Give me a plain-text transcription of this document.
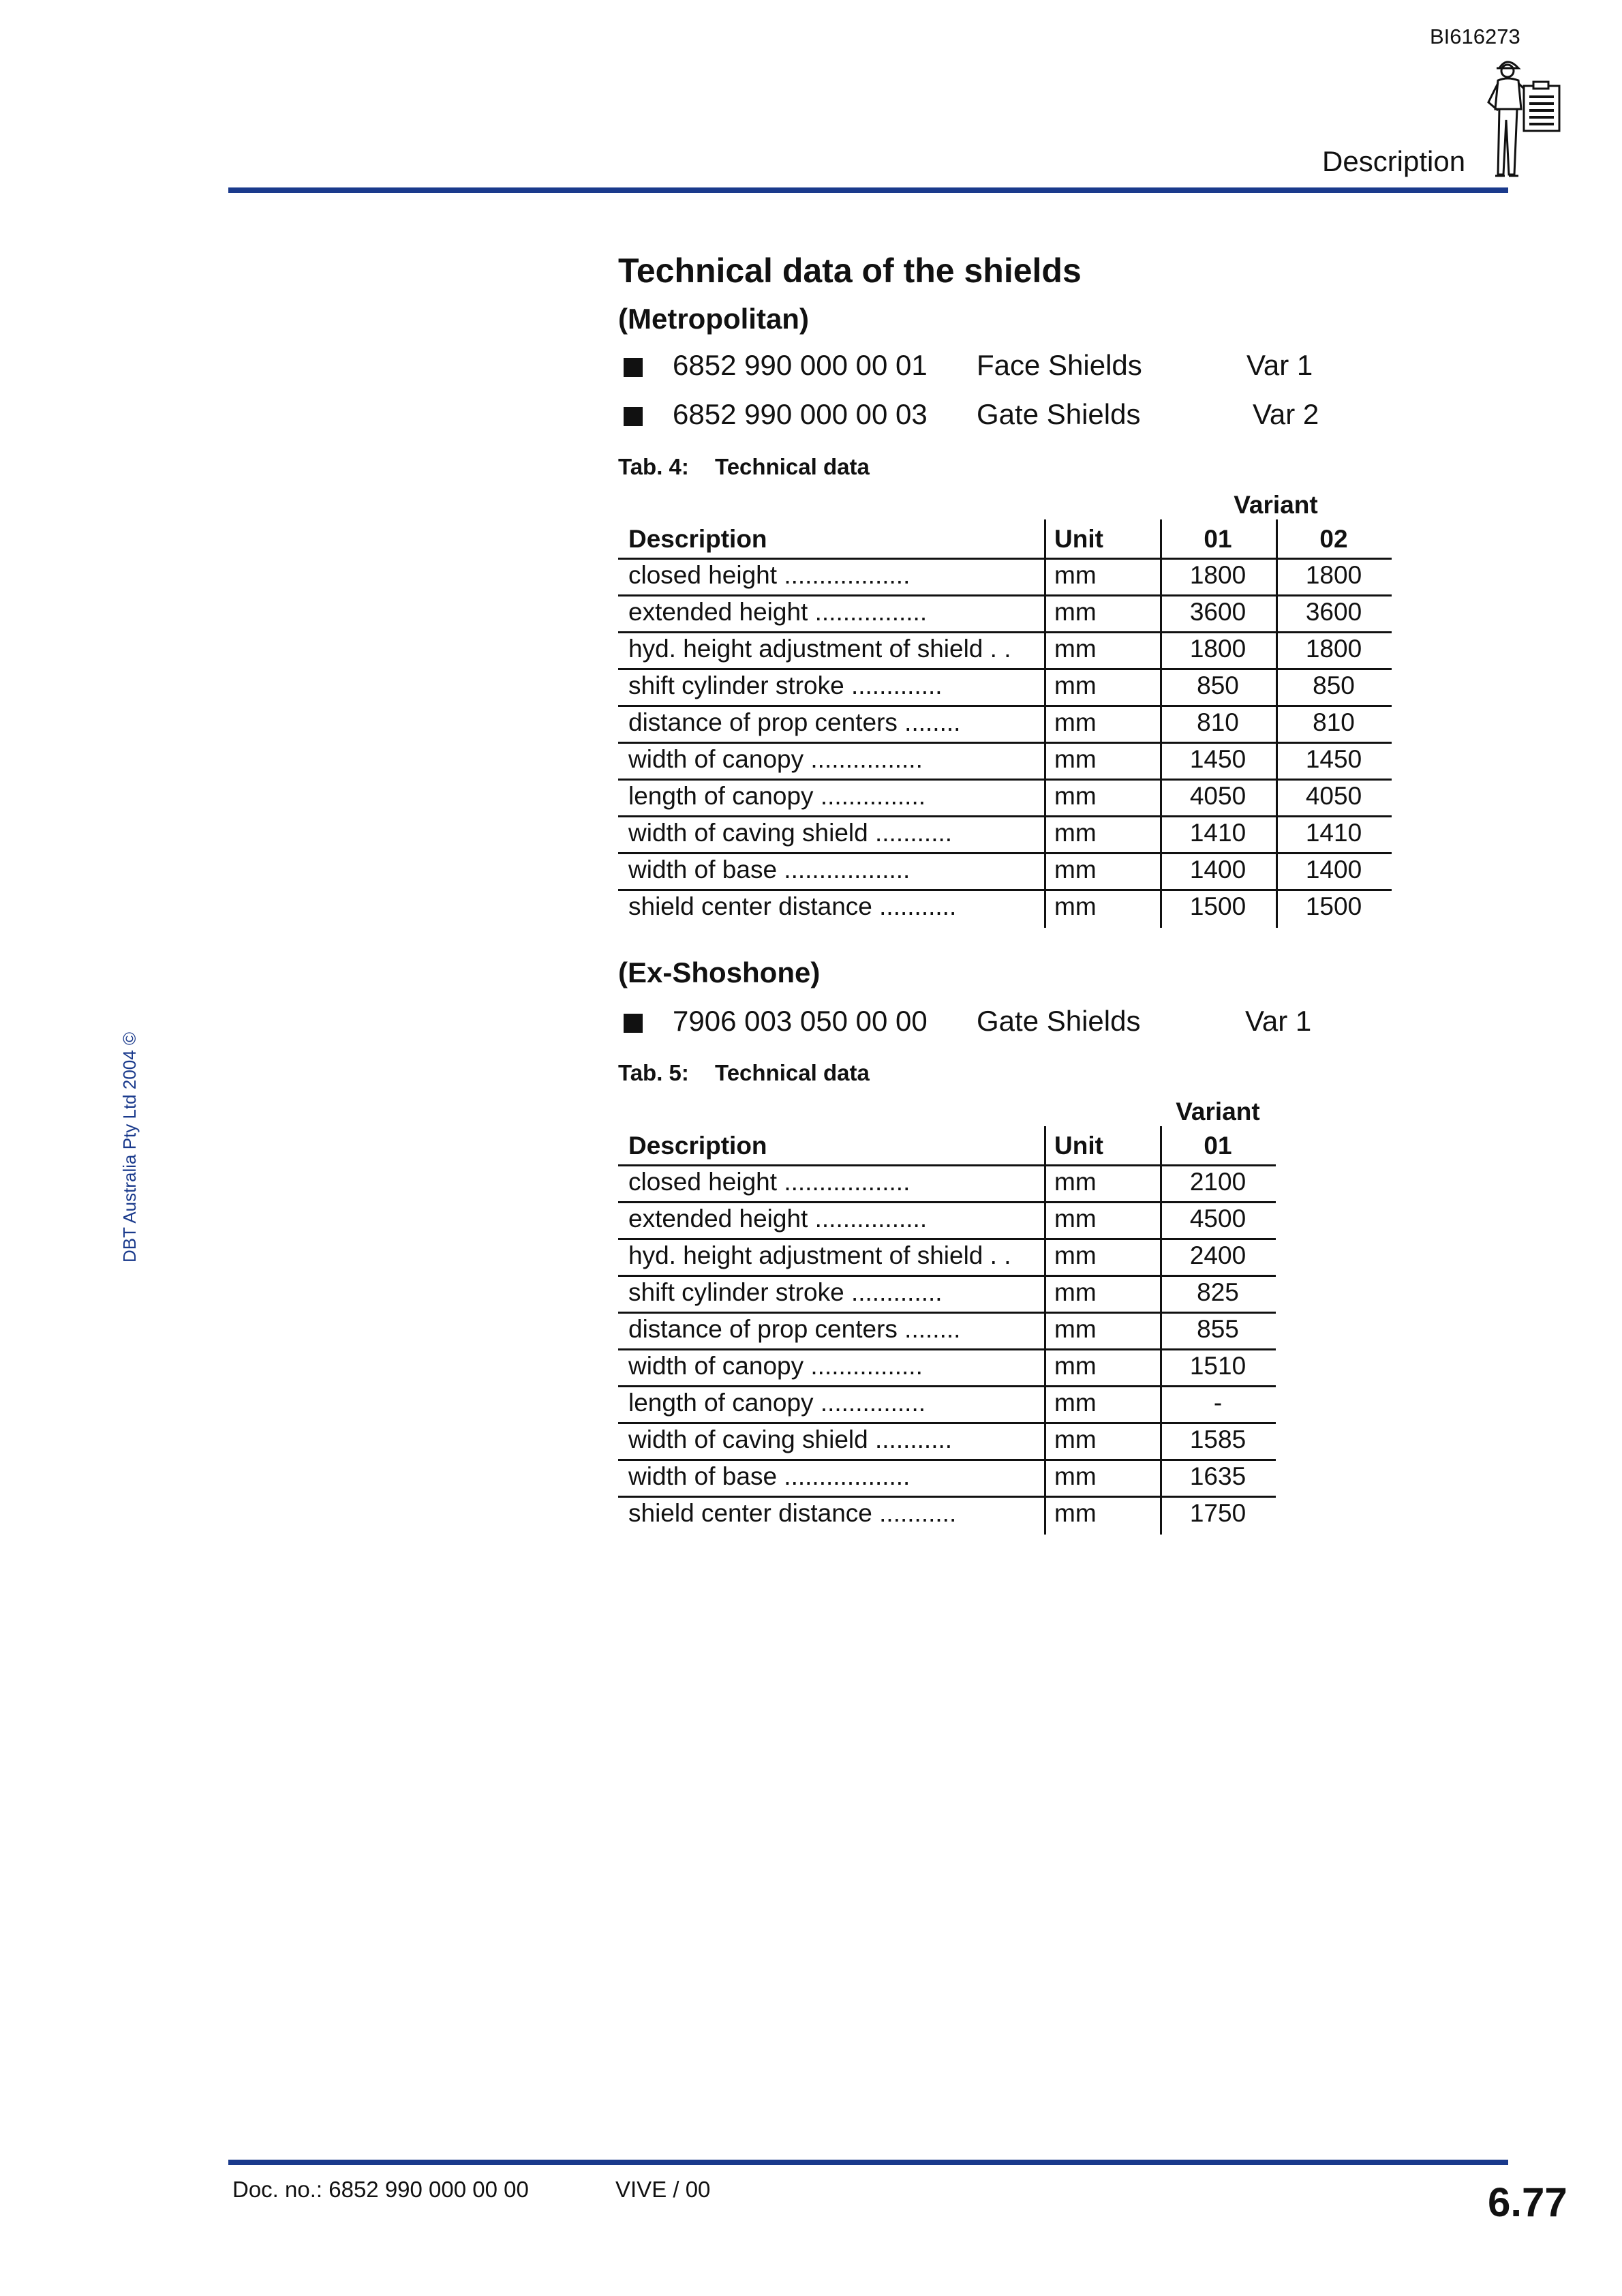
BI616273
Description
DBT Australia Pty Ltd 2004 ©
Technical data of the shields
(Metropolitan)
6852 990 000 00 01 Face Shields	Var 1
6852 990 000 00 03 Gate Shields	Var 2
Tab. 4: Technical data
(Ex-Shoshone)
7906 003 050 00 00 Gate Shields	Var 1
Tab. 5: Technical data
Doc. no.: 6852 990 000 00 00	VIVE / 00	6.77
Variant
Description	Unit	01	02
closed height ..................	mm	1800	1800
extended height ................	mm	3600	3600
hyd. height adjustment of shield . .	mm	1800	1800
shift cylinder stroke .............	mm	850	850
distance of prop centers ........	mm	810	810
width of canopy ................	mm	1450	1450
length of canopy ...............	mm	4050	4050
width of caving shield ...........	mm	1410	1410
width of base ..................	mm	1400	1400
shield center distance ...........	mm	1500	1500
Variant
Description	Unit	01
closed height ..................	mm	2100
extended height ................	mm	4500
hyd. height adjustment of shield . .	mm	2400
shift cylinder stroke .............	mm	825
distance of prop centers ........	mm	855
width of canopy ................	mm	1510
length of canopy ...............	mm	-
width of caving shield ...........	mm	1585
width of base ..................	mm	1635
shield center distance ...........	mm	1750
